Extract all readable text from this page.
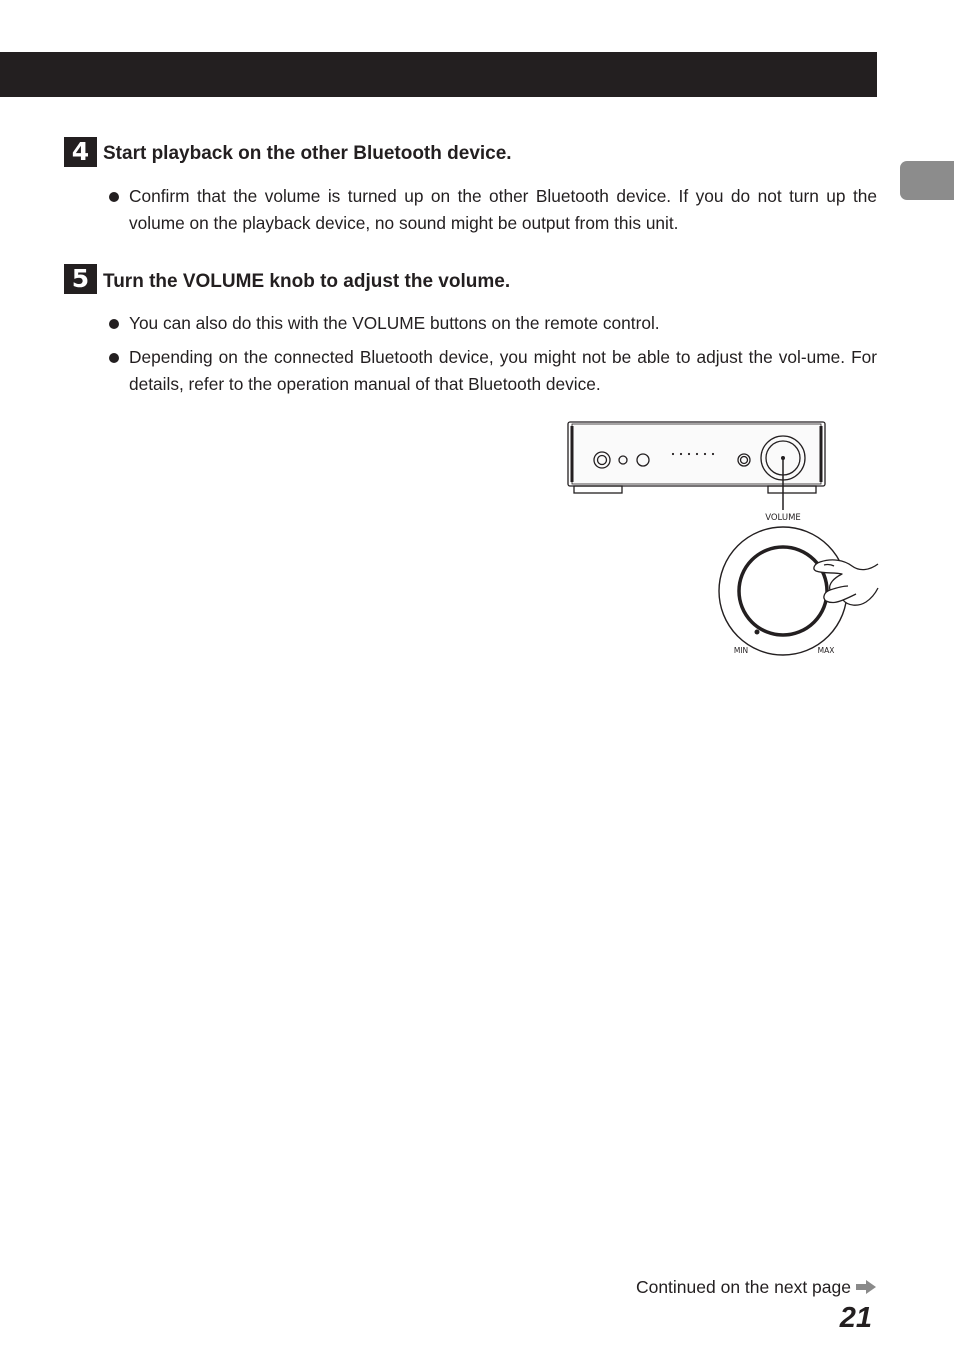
4 Start playback on the other Bluetooth device.
Confirm that the volume is turned up on the other Bluetooth device. If you do not turn up the volume on the playback device, no sound might be output from this unit.
5 Turn the VOLUME knob to adjust the volume.
You can also do this with the VOLUME buttons on the remote control.
Depending on the connected Bluetooth device, you might not be able to adjust the vol-ume. For details, refer to the operation manual of that Bluetooth device.
VOLUME
MIN	MAX
Continued on the next page
21
